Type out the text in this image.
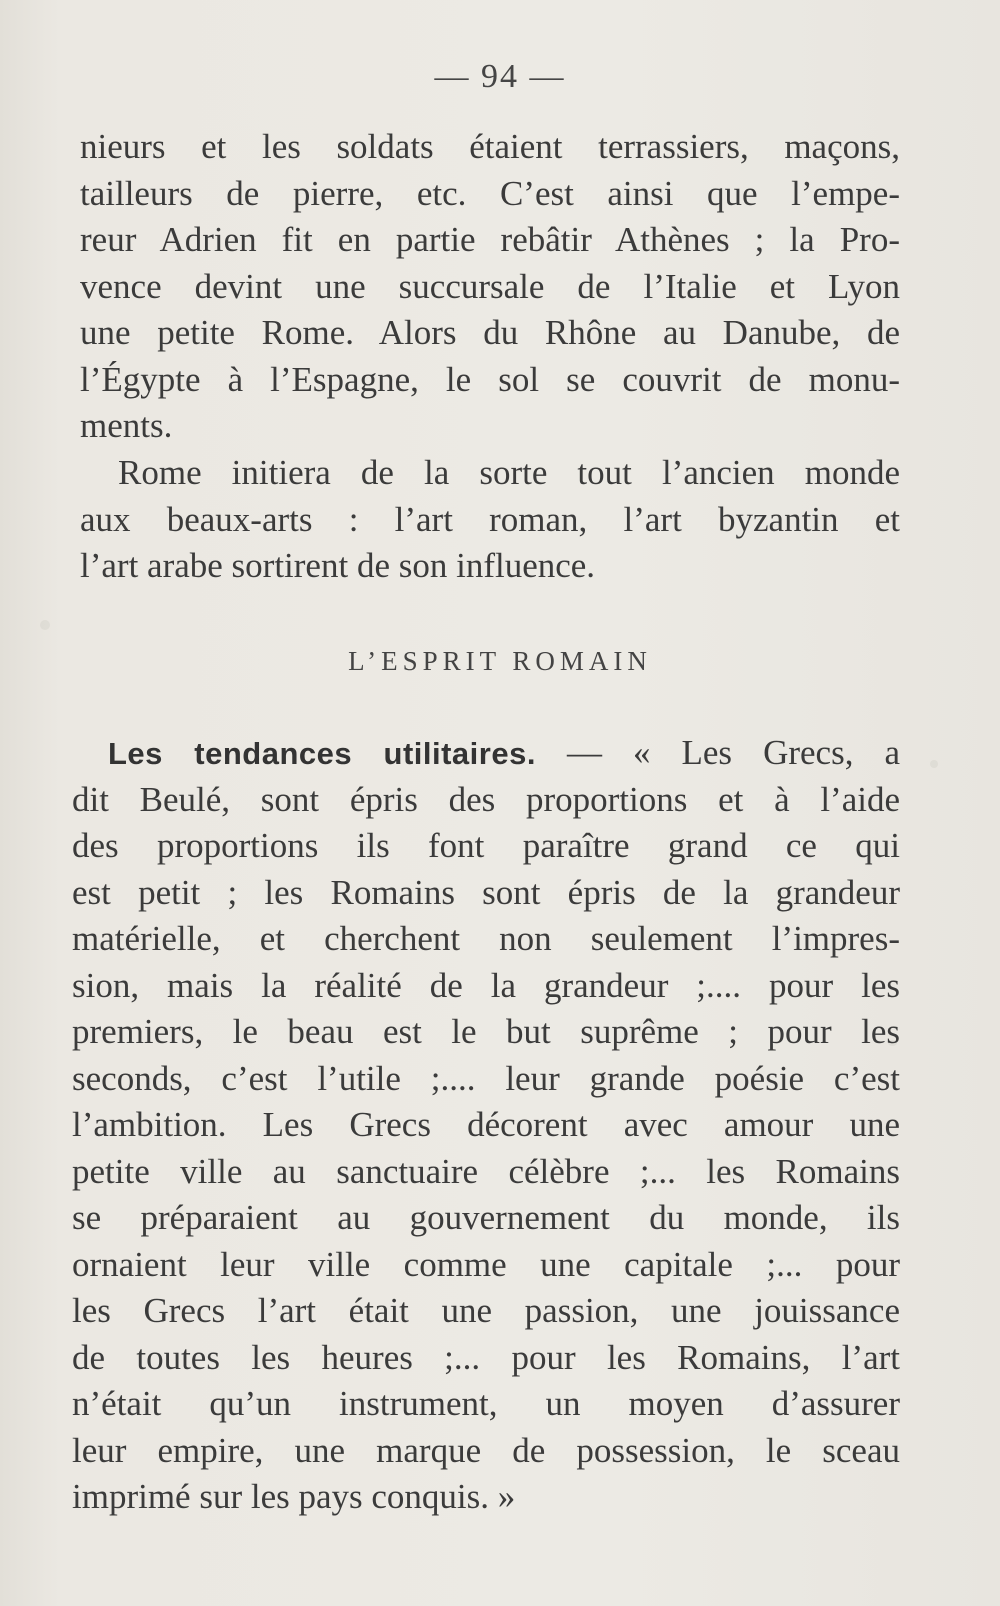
— 94 —
nieurs et les soldats étaient terrassiers, maçons,
tailleurs de pierre, etc. C’est ainsi que l’empe-
reur Adrien fit en partie rebâtir Athènes ; la Pro-
vence devint une succursale de l’Italie et Lyon
une petite Rome. Alors du Rhône au Danube, de
l’Égypte à l’Espagne, le sol se couvrit de monu-
ments.
Rome initiera de la sorte tout l’ancien monde
aux beaux-arts : l’art roman, l’art byzantin et
l’art arabe sortirent de son influence.
L’ESPRIT ROMAIN
Les tendances utilitaires. — « Les Grecs, a
dit Beulé, sont épris des proportions et à l’aide
des proportions ils font paraître grand ce qui
est petit ; les Romains sont épris de la grandeur
matérielle, et cherchent non seulement l’impres-
sion, mais la réalité de la grandeur ;.... pour les
premiers, le beau est le but suprême ; pour les
seconds, c’est l’utile ;.... leur grande poésie c’est
l’ambition. Les Grecs décorent avec amour une
petite ville au sanctuaire célèbre ;... les Romains
se préparaient au gouvernement du monde, ils
ornaient leur ville comme une capitale ;... pour
les Grecs l’art était une passion, une jouissance
de toutes les heures ;... pour les Romains, l’art
n’était qu’un instrument, un moyen d’assurer
leur empire, une marque de possession, le sceau
imprimé sur les pays conquis. »
